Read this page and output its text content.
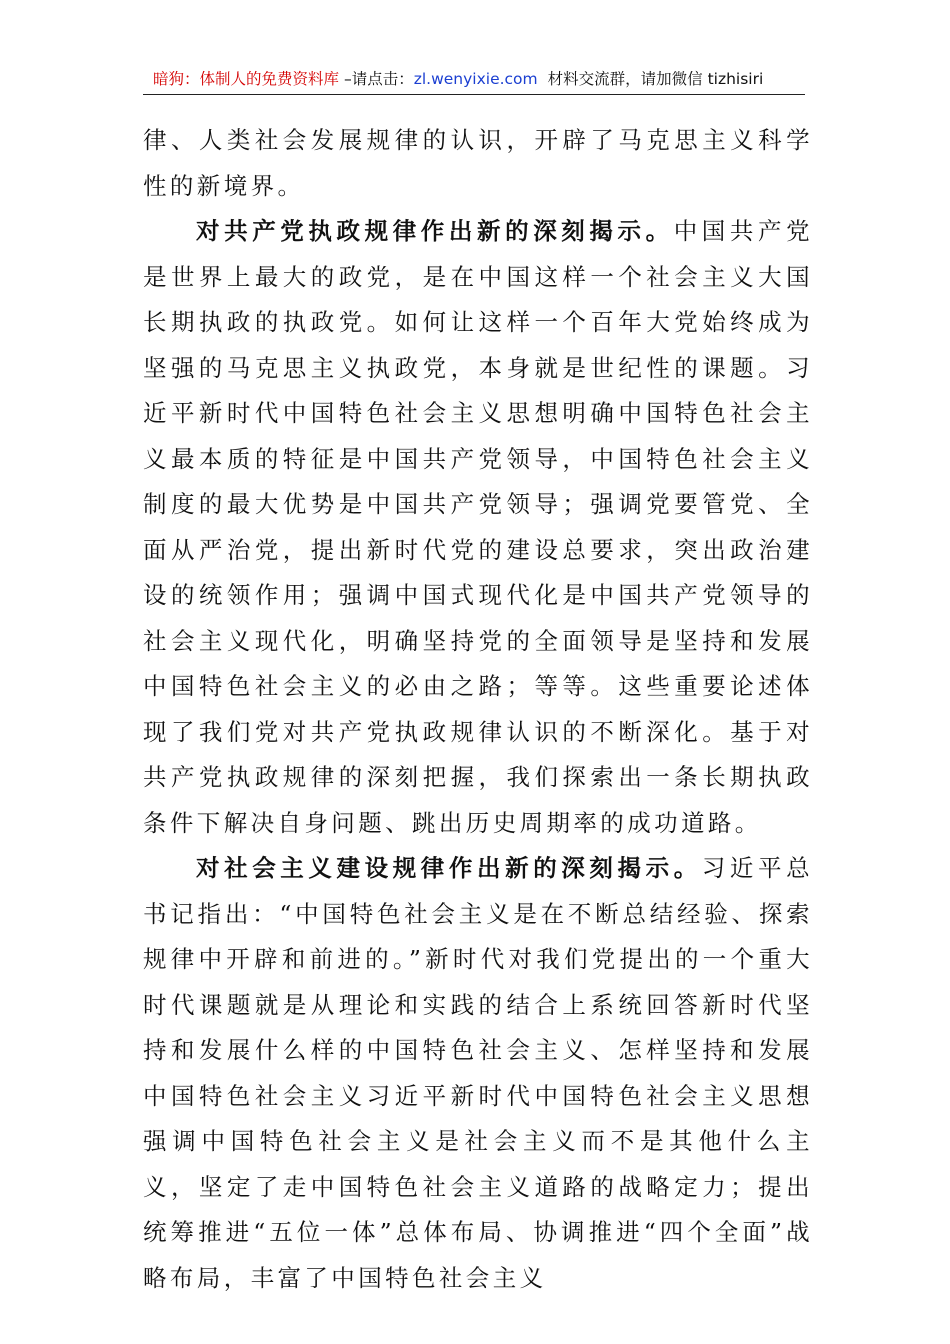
暗狗：体制人的免费资料库 –请点击：zl.wenyixie.com 材料交流群，请加微信 tizhisiri

律、人类社会发展规律的认识，开辟了马克思主义科学性的新境界。

对共产党执政规律作出新的深刻揭示。中国共产党是世界上最大的政党，是在中国这样一个社会主义大国长期执政的执政党。如何让这样一个百年大党始终成为坚强的马克思主义执政党，本身就是世纪性的课题。习近平新时代中国特色社会主义思想明确中国特色社会主义最本质的特征是中国共产党领导，中国特色社会主义制度的最大优势是中国共产党领导；强调党要管党、全面从严治党，提出新时代党的建设总要求，突出政治建设的统领作用；强调中国式现代化是中国共产党领导的社会主义现代化，明确坚持党的全面领导是坚持和发展中国特色社会主义的必由之路；等等。这些重要论述体现了我们党对共产党执政规律认识的不断深化。基于对共产党执政规律的深刻把握，我们探索出一条长期执政条件下解决自身问题、跳出历史周期率的成功道路。

对社会主义建设规律作出新的深刻揭示。习近平总书记指出：“中国特色社会主义是在不断总结经验、探索规律中开辟和前进的。”新时代对我们党提出的一个重大时代课题就是从理论和实践的结合上系统回答新时代坚持和发展什么样的中国特色社会主义、怎样坚持和发展中国特色社会主义习近平新时代中国特色社会主义思想强调中国特色社会主义是社会主义而不是其他什么主义，坚定了走中国特色社会主义道路的战略定力；提出统筹推进“五位一体”总体布局、协调推进“四个全面”战略布局，丰富了中国特色社会主义
